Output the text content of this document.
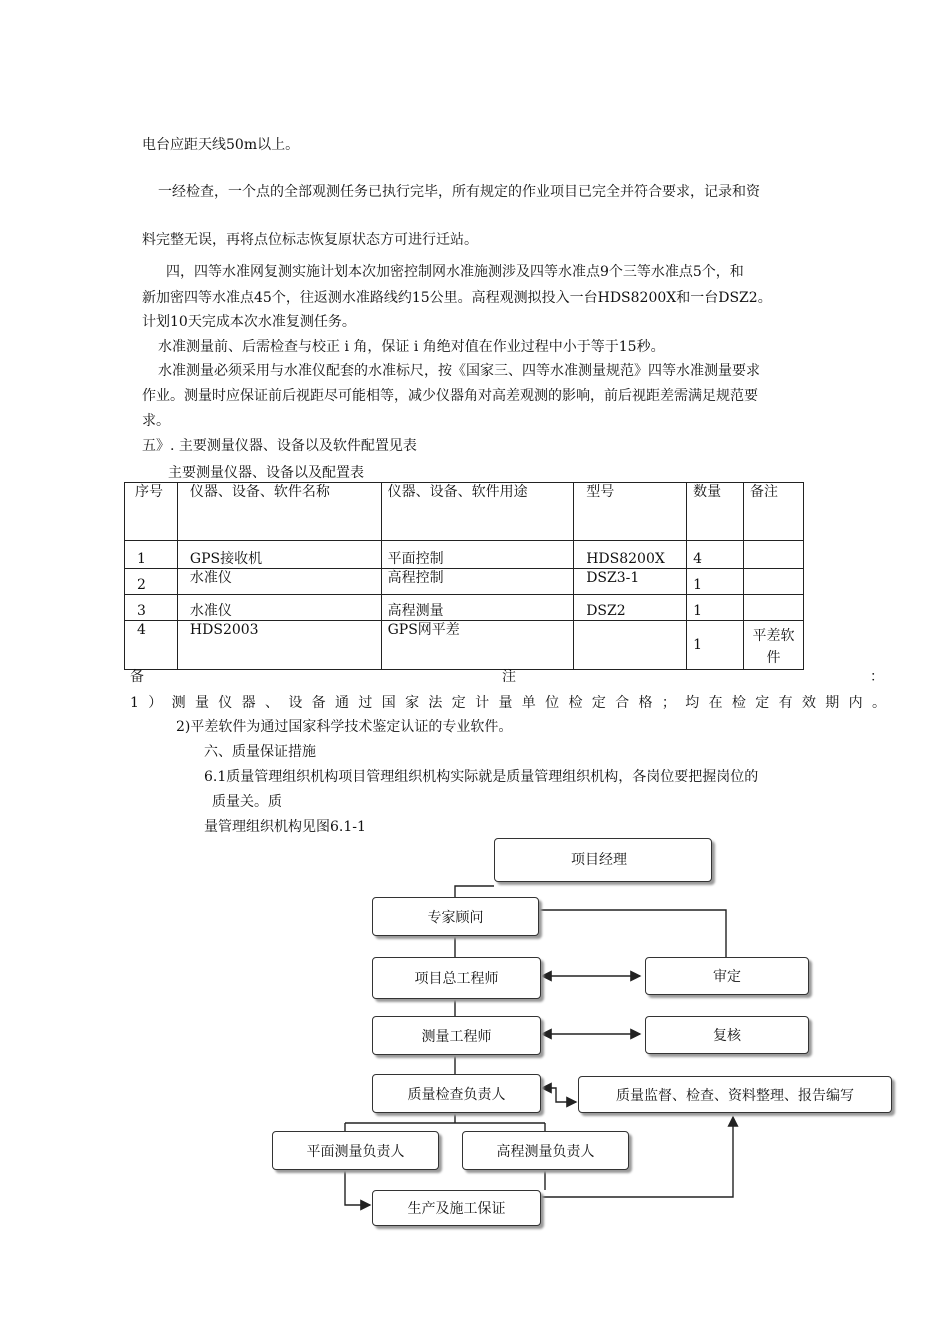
电台应距天线50m以上。
一经检查，一个点的全部观测任务已执行完毕，所有规定的作业项目已完全并符合要求，记录和资
料完整无误，再将点位标志恢复原状态方可进行迁站。
四，四等水准网复测实施计划本次加密控制网水准施测涉及四等水准点9个三等水准点5个，和
新加密四等水准点45个，往返测水准路线约15公里。高程观测拟投入一台HDS8200X和一台DSZ2。
计划10天完成本次水准复测任务。
水准测量前、后需检查与校正 i 角，保证 i 角绝对值在作业过程中小于等于15秒。
水准测量必须采用与水准仪配套的水准标尺，按《国家三、四等水准测量规范》四等水准测量要求
作业。测量时应保证前后视距尽可能相等，减少仪器角对高差观测的影响，前后视距差需满足规范要
求。
五》. 主要测量仪器、设备以及软件配置见表
主要测量仪器、设备以及配置表
序号	仪器、设备、软件名称	仪器、设备、软件用途	型号	数量	备注
1	GPS接收机	平面控制	HDS8200X	4	
2	水准仪	高程控制	DSZ3-1	1	
3	水准仪	高程测量	DSZ2	1	
4	HDS2003	GPS网平差		1	平差软件
备	注	：
1）测量仪器、设备通过国家法定计量单位检定合格；均在检定有效期内。
2)平差软件为通过国家科学技术鉴定认证的专业软件。
六、质量保证措施
6.1质量管理组织机构项目管理组织机构实际就是质量管理组织机构，各岗位要把握岗位的
质量关。质
量管理组织机构见图6.1-1
项目经理
专家顾问
项目总工程师	审定
测量工程师	复核
质量检查负责人	质量监督、检查、资料整理、报告编写
平面测量负责人	高程测量负责人
生产及施工保证
